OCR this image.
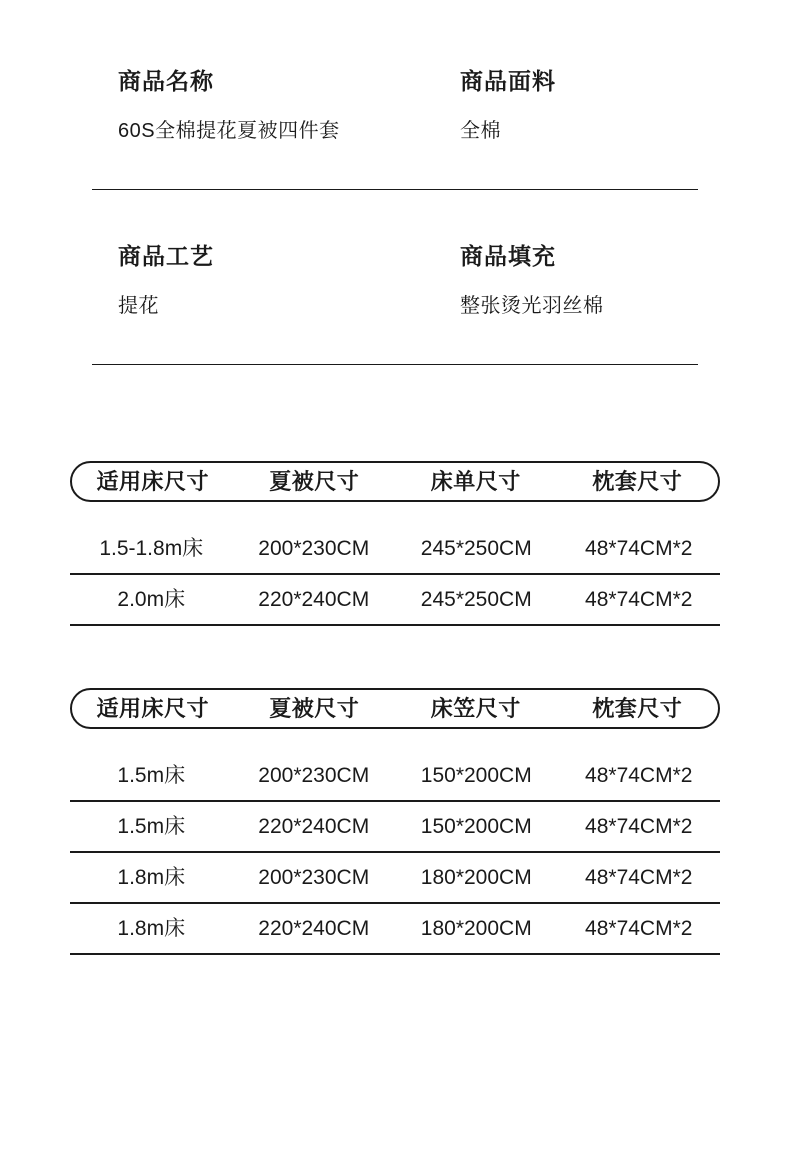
商品名称
60S全棉提花夏被四件套
商品面料
全棉
商品工艺
提花
商品填充
整张烫光羽丝棉
适用床尺寸	夏被尺寸	床单尺寸	枕套尺寸
1.5-1.8m床	200*230CM	245*250CM	48*74CM*2
2.0m床	220*240CM	245*250CM	48*74CM*2
适用床尺寸	夏被尺寸	床笠尺寸	枕套尺寸
1.5m床	200*230CM	150*200CM	48*74CM*2
1.5m床	220*240CM	150*200CM	48*74CM*2
1.8m床	200*230CM	180*200CM	48*74CM*2
1.8m床	220*240CM	180*200CM	48*74CM*2
